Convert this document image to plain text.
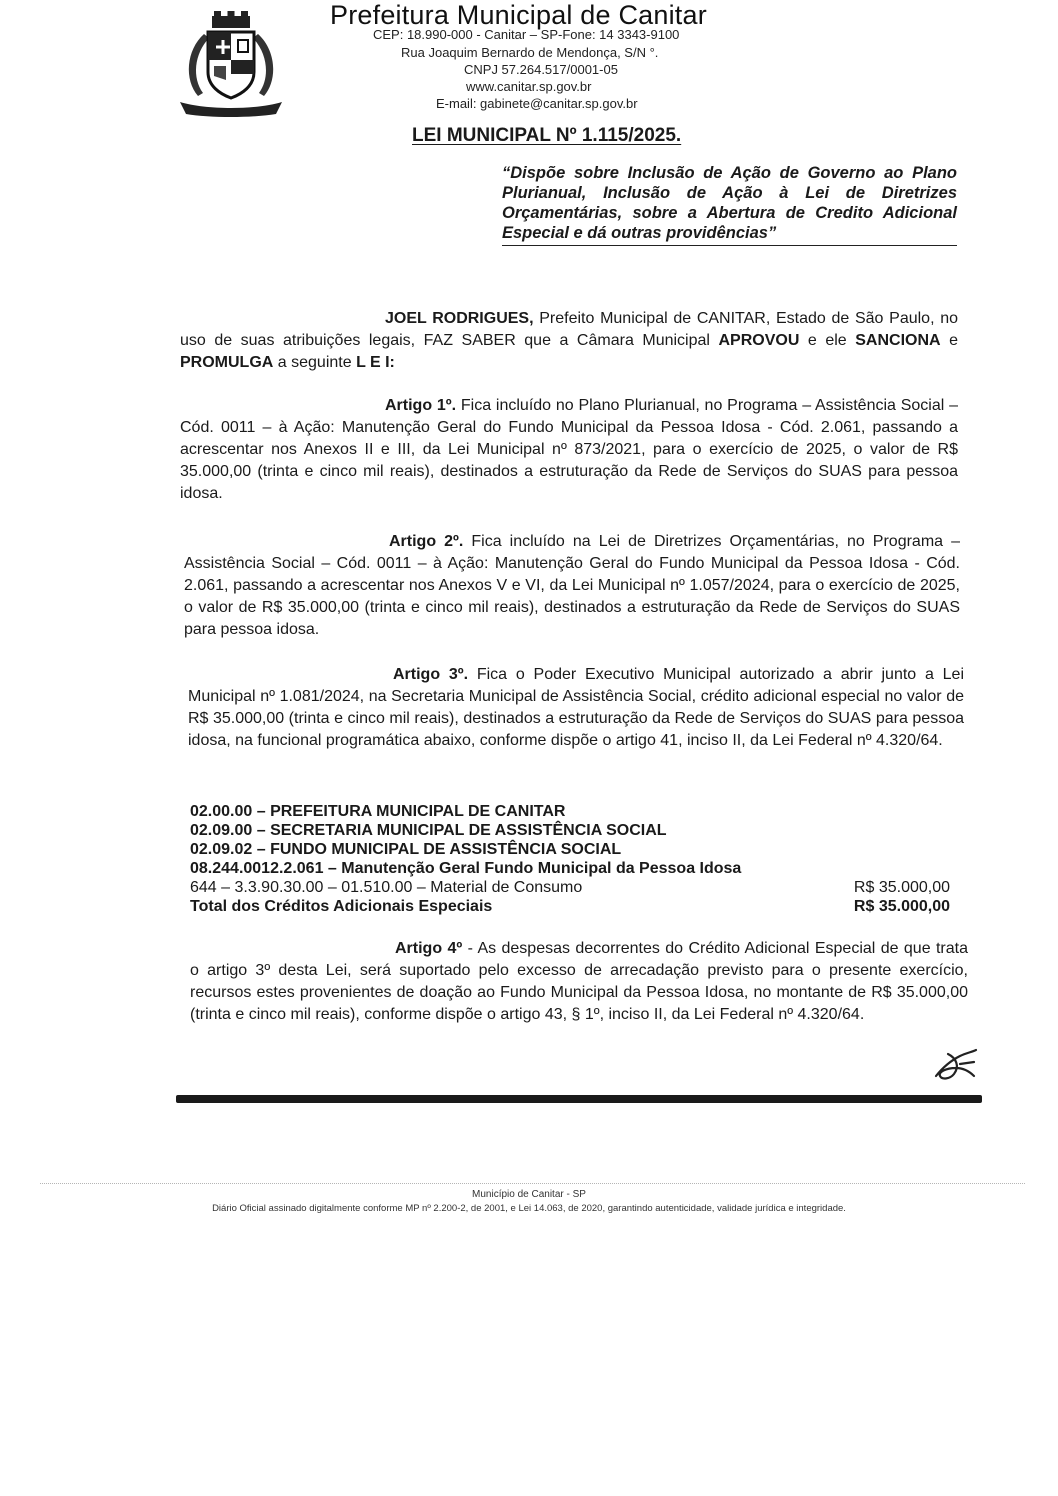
Prefeitura Municipal de Canitar
CEP: 18.990-000 - Canitar – SP-Fone: 14 3343-9100
Rua Joaquim Bernardo de Mendonça, S/N °.
CNPJ 57.264.517/0001-05
www.canitar.sp.gov.br
E-mail: gabinete@canitar.sp.gov.br
LEI MUNICIPAL Nº 1.115/2025.
“Dispõe sobre Inclusão de Ação de Governo ao Plano Plurianual, Inclusão de Ação à Lei de Diretrizes Orçamentárias, sobre a Abertura de Credito Adicional Especial e dá outras providências”
JOEL RODRIGUES, Prefeito Municipal de CANITAR, Estado de São Paulo, no uso de suas atribuições legais, FAZ SABER que a Câmara Municipal APROVOU e ele SANCIONA e PROMULGA a seguinte L E I:
Artigo 1º. Fica incluído no Plano Plurianual, no Programa – Assistência Social – Cód. 0011 – à Ação: Manutenção Geral do Fundo Municipal da Pessoa Idosa - Cód. 2.061, passando a acrescentar nos Anexos II e III, da Lei Municipal nº 873/2021, para o exercício de 2025, o valor de R$ 35.000,00 (trinta e cinco mil reais), destinados a estruturação da Rede de Serviços do SUAS para pessoa idosa.
Artigo 2º. Fica incluído na Lei de Diretrizes Orçamentárias, no Programa – Assistência Social – Cód. 0011 – à Ação: Manutenção Geral do Fundo Municipal da Pessoa Idosa - Cód. 2.061, passando a acrescentar nos Anexos V e VI, da Lei Municipal nº 1.057/2024, para o exercício de 2025, o valor de R$ 35.000,00 (trinta e cinco mil reais), destinados a estruturação da Rede de Serviços do SUAS para pessoa idosa.
Artigo 3º. Fica o Poder Executivo Municipal autorizado a abrir junto a Lei Municipal nº 1.081/2024, na Secretaria Municipal de Assistência Social, crédito adicional especial no valor de R$ 35.000,00 (trinta e cinco mil reais), destinados a estruturação da Rede de Serviços do SUAS para pessoa idosa, na funcional programática abaixo, conforme dispõe o artigo 41, inciso II, da Lei Federal nº 4.320/64.
02.00.00 – PREFEITURA MUNICIPAL DE CANITAR
02.09.00 – SECRETARIA MUNICIPAL DE ASSISTÊNCIA SOCIAL
02.09.02 – FUNDO MUNICIPAL DE ASSISTÊNCIA SOCIAL
08.244.0012.2.061 – Manutenção Geral Fundo Municipal da Pessoa Idosa
644 – 3.3.90.30.00 – 01.510.00 – Material de Consumo	R$ 35.000,00
Total dos Créditos Adicionais Especiais	R$ 35.000,00
Artigo 4º - As despesas decorrentes do Crédito Adicional Especial de que trata o artigo 3º desta Lei, será suportado pelo excesso de arrecadação previsto para o presente exercício, recursos estes provenientes de doação ao Fundo Municipal da Pessoa Idosa, no montante de R$ 35.000,00 (trinta e cinco mil reais), conforme dispõe o artigo 43, § 1º, inciso II, da Lei Federal nº 4.320/64.
Município de Canitar - SP
Diário Oficial assinado digitalmente conforme MP nº 2.200-2, de 2001, e Lei 14.063, de 2020, garantindo autenticidade, validade jurídica e integridade.
